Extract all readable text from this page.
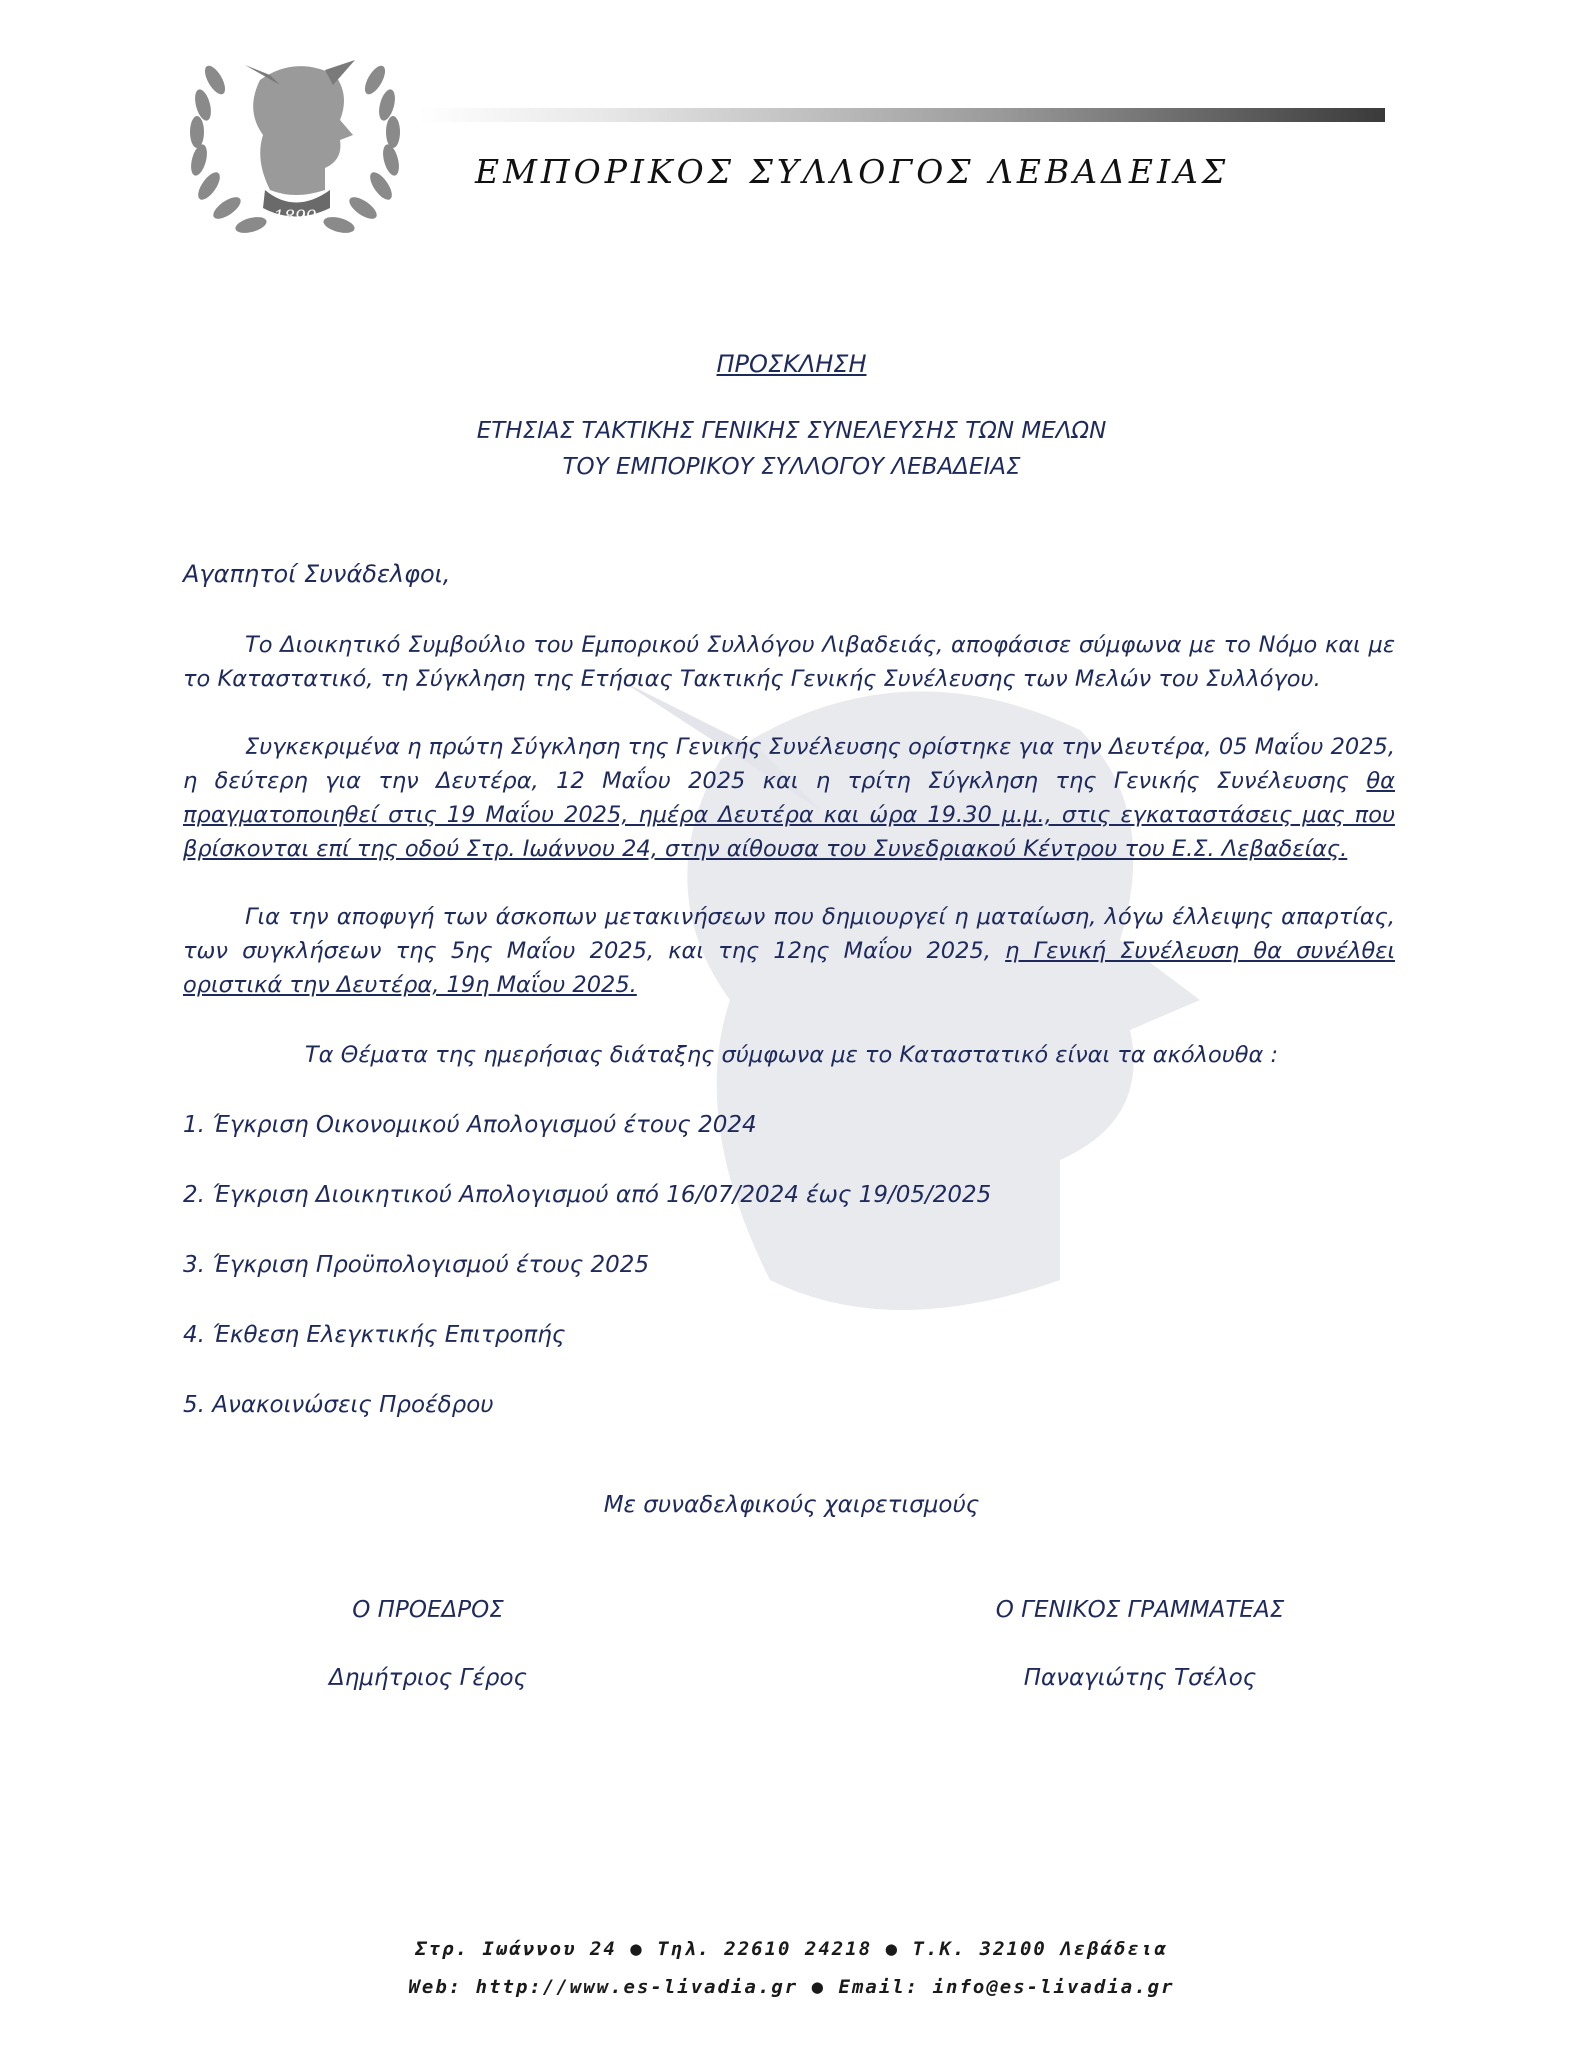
1899
ΕΜΠΟΡΙΚΟΣ ΣΥΛΛΟΓΟΣ ΛΕΒΑΔΕΙΑΣ
ΠΡΟΣΚΛΗΣΗ
ΕΤΗΣΙΑΣ ΤΑΚΤΙΚΗΣ ΓΕΝΙΚΗΣ ΣΥΝΕΛΕΥΣΗΣ ΤΩΝ ΜΕΛΩΝ
ΤΟΥ ΕΜΠΟΡΙΚΟΥ ΣΥΛΛΟΓΟΥ ΛΕΒΑΔΕΙΑΣ
Αγαπητοί Συνάδελφοι,
Το Διοικητικό Συμβούλιο του Εμπορικού Συλλόγου Λιβαδειάς, αποφάσισε σύμφωνα με το Νόμο και με το Καταστατικό, τη Σύγκληση της Ετήσιας Τακτικής Γενικής Συνέλευσης των Μελών του Συλλόγου.
Συγκεκριμένα η πρώτη Σύγκληση της Γενικής Συνέλευσης ορίστηκε για την Δευτέρα, 05 Μαΐου 2025, η δεύτερη για την Δευτέρα, 12 Μαΐου 2025 και η τρίτη Σύγκληση της Γενικής Συνέλευσης θα πραγματοποιηθεί στις 19 Μαΐου 2025, ημέρα Δευτέρα και ώρα 19.30 μ.μ., στις εγκαταστάσεις μας που βρίσκονται επί της οδού Στρ. Ιωάννου 24, στην αίθουσα του Συνεδριακού Κέντρου του Ε.Σ. Λεβαδείας.
Για την αποφυγή των άσκοπων μετακινήσεων που δημιουργεί η ματαίωση, λόγω έλλειψης απαρτίας, των συγκλήσεων της 5ης Μαΐου 2025, και της 12ης Μαΐου 2025, η Γενική Συνέλευση θα συνέλθει οριστικά την Δευτέρα, 19η Μαΐου 2025.
Τα Θέματα της ημερήσιας διάταξης σύμφωνα με το Καταστατικό είναι τα ακόλουθα :
1. Έγκριση Οικονομικού Απολογισμού έτους 2024
2. Έγκριση Διοικητικού Απολογισμού από 16/07/2024 έως 19/05/2025
3. Έγκριση Προϋπολογισμού έτους 2025
4. Έκθεση Ελεγκτικής Επιτροπής
5. Ανακοινώσεις Προέδρου
Με συναδελφικούς χαιρετισμούς
Ο ΠΡΟΕΔΡΟΣ
Δημήτριος Γέρος
Ο ΓΕΝΙΚΟΣ ΓΡΑΜΜΑΤΕΑΣ
Παναγιώτης Τσέλος
Στρ. Ιωάννου 24 ● Τηλ. 22610 24218 ● Τ.Κ. 32100 Λεβάδεια
Web: http://www.es-livadia.gr ● Email: info@es-livadia.gr
